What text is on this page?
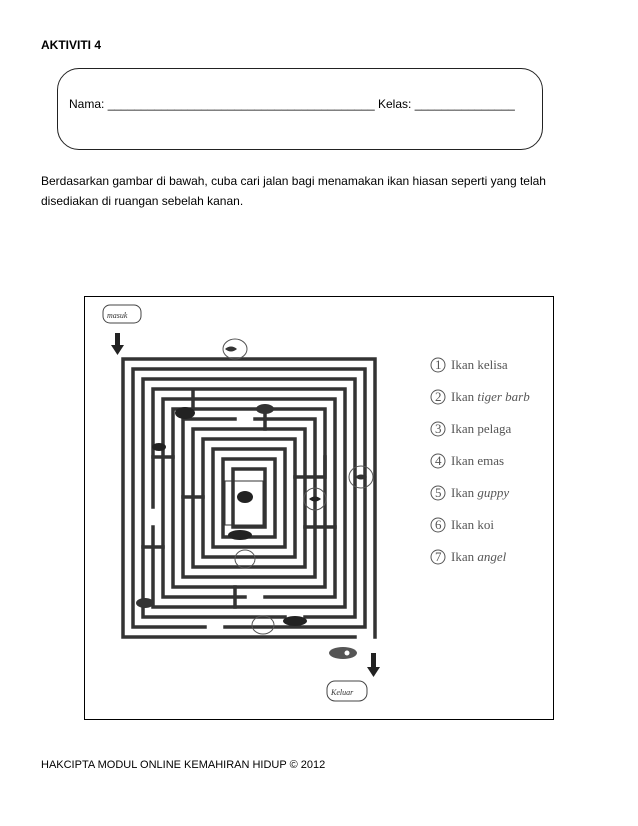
AKTIVITI 4
Nama: ________________________________________ Kelas: _______________
Berdasarkan gambar di bawah, cuba cari jalan bagi menamakan ikan hiasan seperti yang telah disediakan di ruangan sebelah kanan.
masuk
Keluar
1 Ikan kelisa
2 Ikan tiger barb
3 Ikan pelaga
4 Ikan emas
5 Ikan guppy
6 Ikan koi
7 Ikan angel
HAKCIPTA MODUL ONLINE KEMAHIRAN HIDUP © 2012
